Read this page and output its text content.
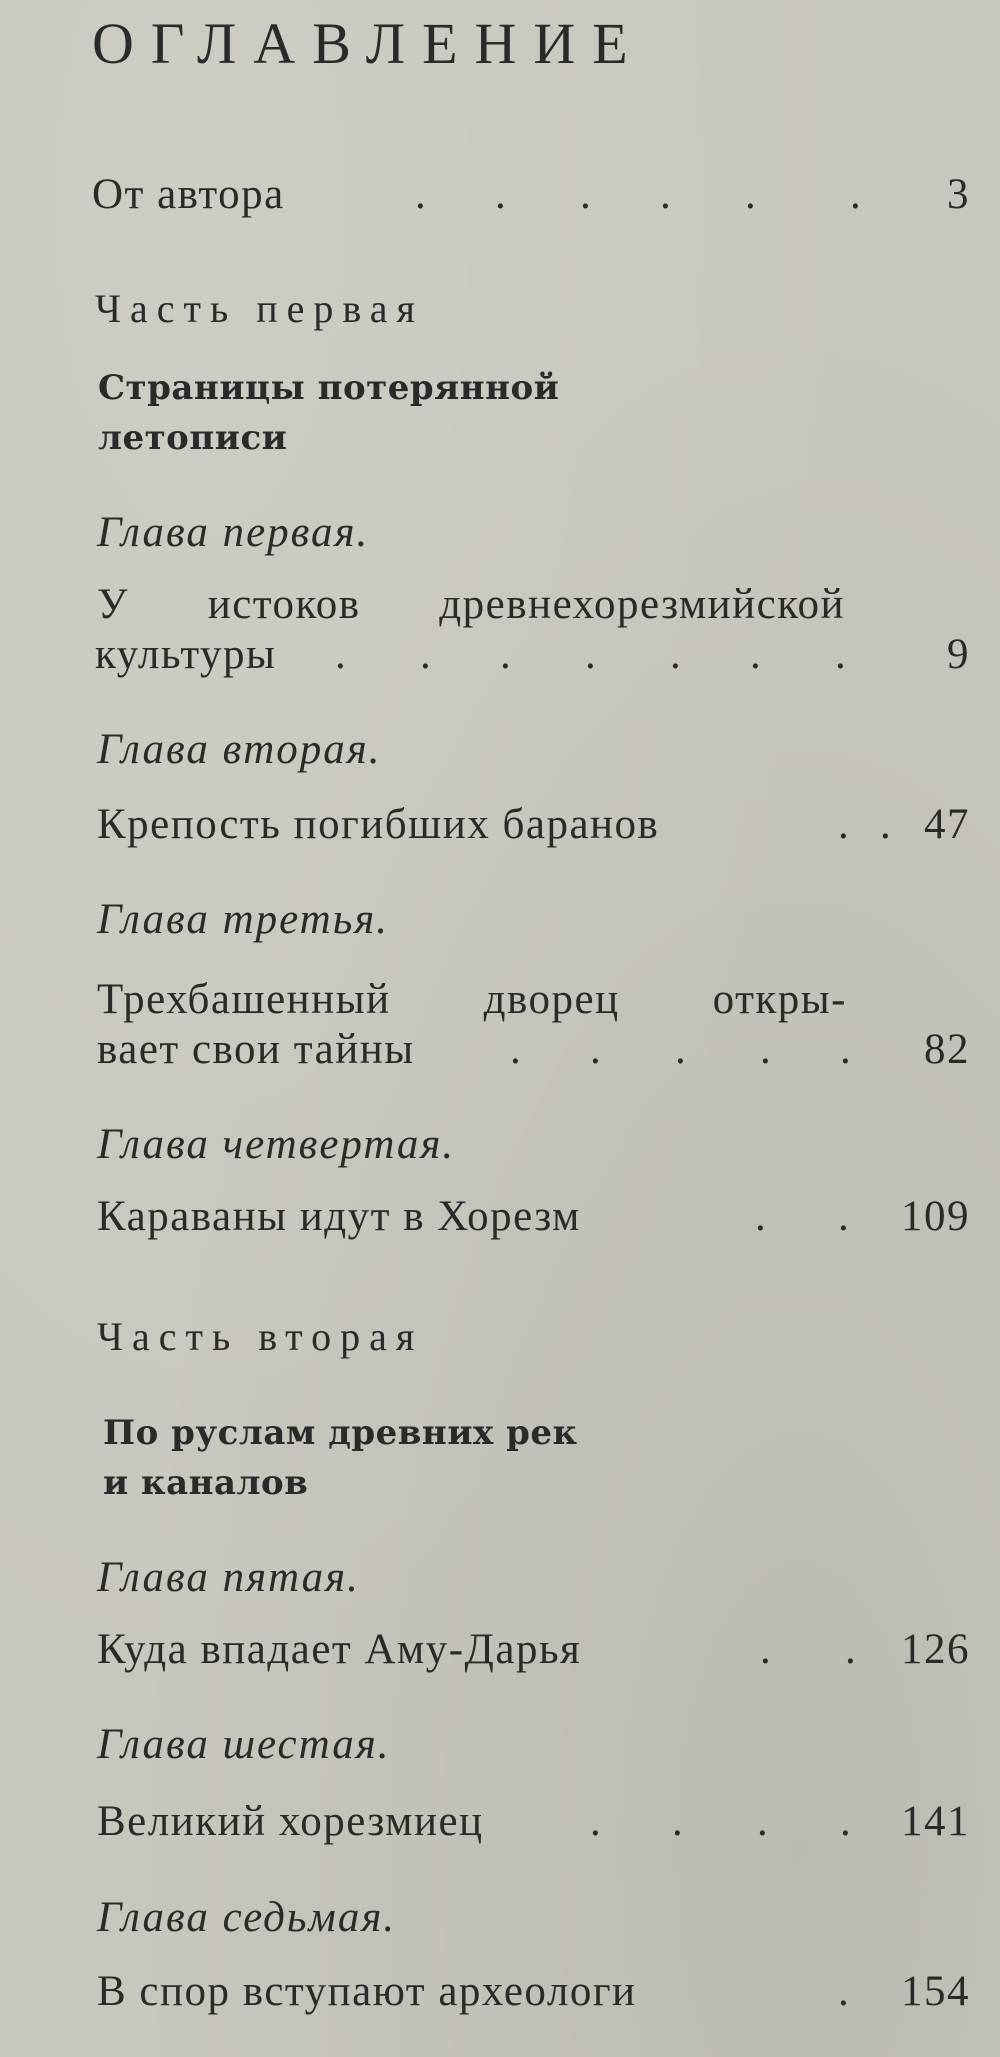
ОГЛАВЛЕНИЕ
От автора	. . . . . . 3
Часть первая
Страницы потерянной
летописи
Глава первая.
У истоков древнехорезмийской
культуры . . . . . . . 9
Глава вторая.
Крепость погибших баранов	. . 47
Глава третья.
Трехбашенный дворец откры-
вает свои тайны . . . . . 82
Глава четвертая.
Караваны идут в Хорезм	. . 109
Часть вторая
По руслам древних рек
и каналов
Глава пятая.
Куда впадает Аму-Дарья	. . 126
Глава шестая.
Великий хорезмиец . . . . 141
Глава седьмая.
В спор вступают археологи	. 154
